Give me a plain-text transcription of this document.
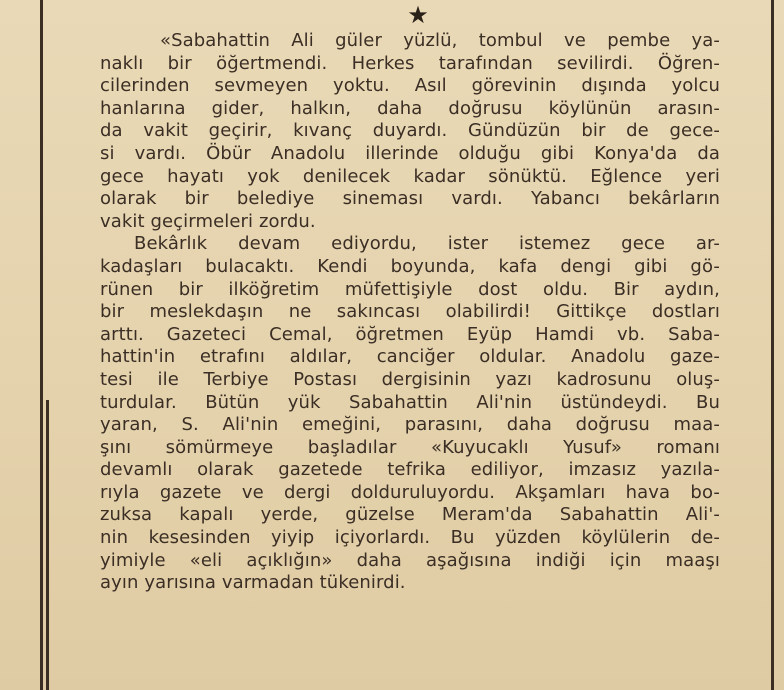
★
«Sabahattin Ali güler yüzlü, tombul ve pembe ya-
naklı bir öğertmendi. Herkes tarafından sevilirdi. Öğren-
cilerinden sevmeyen yoktu. Asıl görevinin dışında yolcu
hanlarına gider, halkın, daha doğrusu köylünün arasın-
da vakit geçirir, kıvanç duyardı. Gündüzün bir de gece-
si vardı. Öbür Anadolu illerinde olduğu gibi Konya'da da
gece hayatı yok denilecek kadar sönüktü. Eğlence yeri
olarak bir belediye sineması vardı. Yabancı bekârların
vakit geçirmeleri zordu.
Bekârlık devam ediyordu, ister istemez gece ar-
kadaşları bulacaktı. Kendi boyunda, kafa dengi gibi gö-
rünen bir ilköğretim müfettişiyle dost oldu. Bir aydın,
bir meslekdaşın ne sakıncası olabilirdi! Gittikçe dostları
arttı. Gazeteci Cemal, öğretmen Eyüp Hamdi vb. Saba-
hattin'in etrafını aldılar, canciğer oldular. Anadolu gaze-
tesi ile Terbiye Postası dergisinin yazı kadrosunu oluş-
turdular. Bütün yük Sabahattin Ali'nin üstündeydi. Bu
yaran, S. Ali'nin emeğini, parasını, daha doğrusu maa-
şını sömürmeye başladılar «Kuyucaklı Yusuf» romanı
devamlı olarak gazetede tefrika ediliyor, imzasız yazıla-
rıyla gazete ve dergi dolduruluyordu. Akşamları hava bo-
zuksa kapalı yerde, güzelse Meram'da Sabahattin Ali'-
nin kesesinden yiyip içiyorlardı. Bu yüzden köylülerin de-
yimiyle «eli açıklığın» daha aşağısına indiği için maaşı
ayın yarısına varmadan tükenirdi.
